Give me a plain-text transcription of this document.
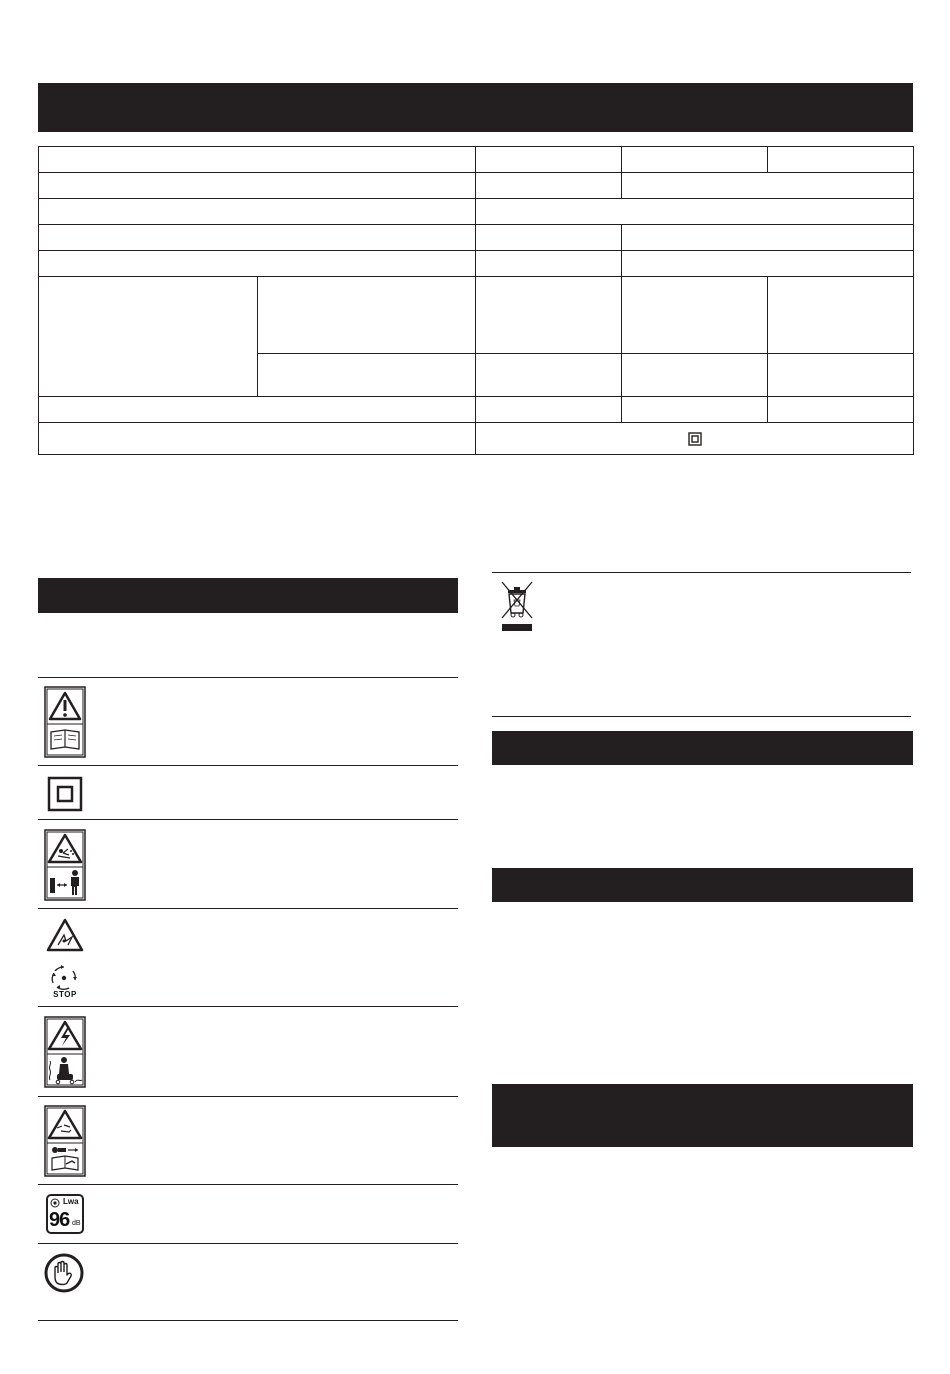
STOP
Lwa
96 dB
